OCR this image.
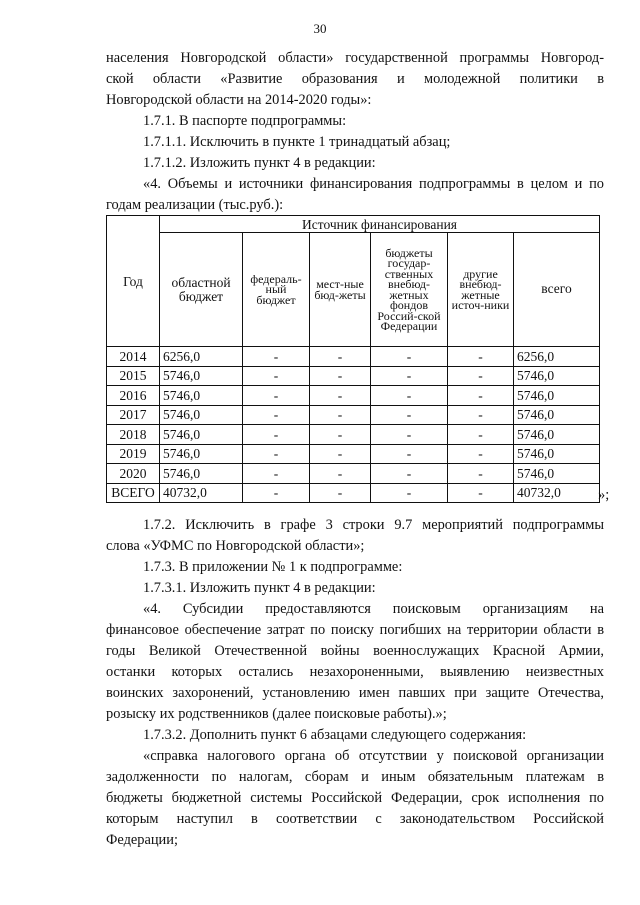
30
населения Новгородской области» государственной программы Новгород-
ской области «Развитие образования и молодежной политики в
Новгородской области на 2014-2020 годы»:
1.7.1. В паспорте подпрограммы:
1.7.1.1. Исключить в пункте 1 тринадцатый абзац;
1.7.1.2. Изложить пункт 4 в редакции:
«4. Объемы и источники финансирования подпрограммы в целом и по
годам реализации (тыс.руб.):
Год	Источник финансирования					
	областной бюджет	федераль-ный бюджет	мест-ные бюд-жеты	бюджеты государ-ственных внебюд-жетных фондов Россий-ской Федерации	другие внебюд-жетные источ-ники	всего
2014	6256,0	-	-	-	-	6256,0
2015	5746,0	-	-	-	-	5746,0
2016	5746,0	-	-	-	-	5746,0
2017	5746,0	-	-	-	-	5746,0
2018	5746,0	-	-	-	-	5746,0
2019	5746,0	-	-	-	-	5746,0
2020	5746,0	-	-	-	-	5746,0
ВСЕГО	40732,0	-	-	-	-	40732,0	»;
1.7.2. Исключить в графе 3 строки 9.7 мероприятий подпрограммы
слова «УФМС по Новгородской области»;
1.7.3. В приложении № 1 к подпрограмме:
1.7.3.1. Изложить пункт 4 в редакции:
«4. Субсидии предоставляются поисковым организациям на
финансовое обеспечение затрат по поиску погибших на территории области в
годы Великой Отечественной войны военнослужащих Красной Армии,
останки которых остались незахороненными, выявлению неизвестных
воинских захоронений, установлению имен павших при защите Отечества,
розыску их родственников (далее поисковые работы).»;
1.7.3.2. Дополнить пункт 6 абзацами следующего содержания:
«справка налогового органа об отсутствии у поисковой организации
задолженности по налогам, сборам и иным обязательным платежам в
бюджеты бюджетной системы Российской Федерации, срок исполнения по
которым наступил в соответствии с законодательством Российской
Федерации;
